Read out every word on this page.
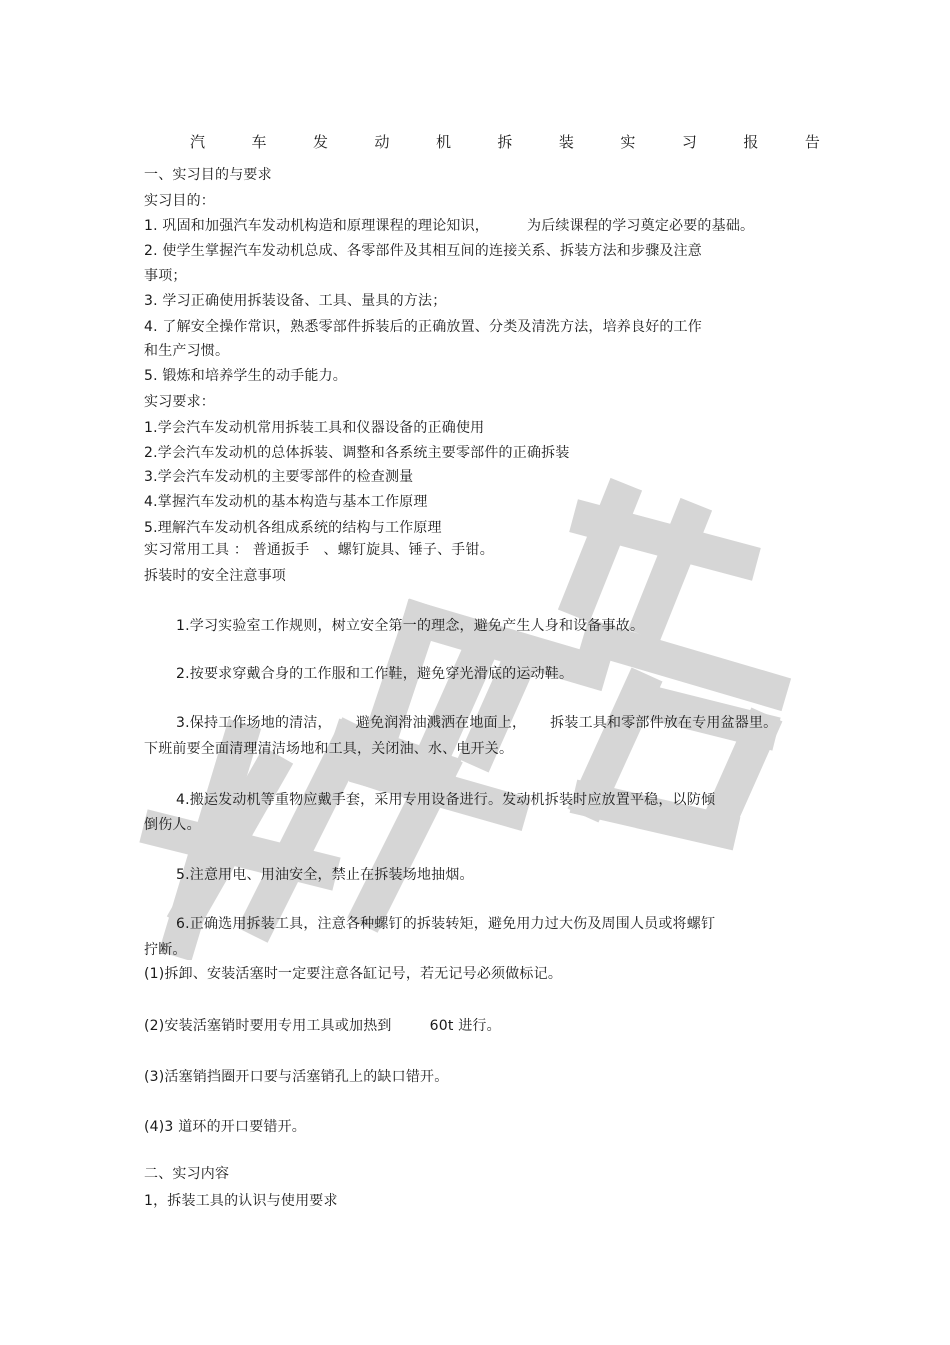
汽	车	发	动	机	拆	装	实	习	报	告
一、实习目的与要求
实习目的：
1. 巩固和加强汽车发动机构造和原理课程的理论知识，	为后续课程的学习奠定必要的基础。
2. 使学生掌握汽车发动机总成、各零部件及其相互间的连接关系、拆装方法和步骤及注意
事项；
3. 学习正确使用拆装设备、工具、量具的方法；
4. 了解安全操作常识，熟悉零部件拆装后的正确放置、分类及清洗方法，培养良好的工作
和生产习惯。
5. 锻炼和培养学生的动手能力。
实习要求：
1.学会汽车发动机常用拆装工具和仪器设备的正确使用
2.学会汽车发动机的总体拆装、调整和各系统主要零部件的正确拆装
3.学会汽车发动机的主要零部件的检查测量
4.掌握汽车发动机的基本构造与基本工作原理
5.理解汽车发动机各组成系统的结构与工作原理
实习常用工具 ： 普通扳手 、螺钉旋具、锤子、手钳。
拆装时的安全注意事项
1.学习实验室工作规则，树立安全第一的理念，避免产生人身和设备事故。
2.按要求穿戴合身的工作服和工作鞋，避免穿光滑底的运动鞋。
3.保持工作场地的清洁， 避免润滑油溅洒在地面上， 拆装工具和零部件放在专用盆器里。
下班前要全面清理清洁场地和工具，关闭油、水、电开关。
4.搬运发动机等重物应戴手套，采用专用设备进行。发动机拆装时应放置平稳，以防倾
倒伤人。
5.注意用电、用油安全，禁止在拆装场地抽烟。
6.正确选用拆装工具，注意各种螺钉的拆装转矩，避免用力过大伤及周围人员或将螺钉
拧断。
(1)拆卸、安装活塞时一定要注意各缸记号，若无记号必须做标记。
(2)安装活塞销时要用专用工具或加热到	60t 进行。
(3)活塞销挡圈开口要与活塞销孔上的缺口错开。
(4)3 道环的开口要错开。
二、实习内容
1，拆装工具的认识与使用要求
